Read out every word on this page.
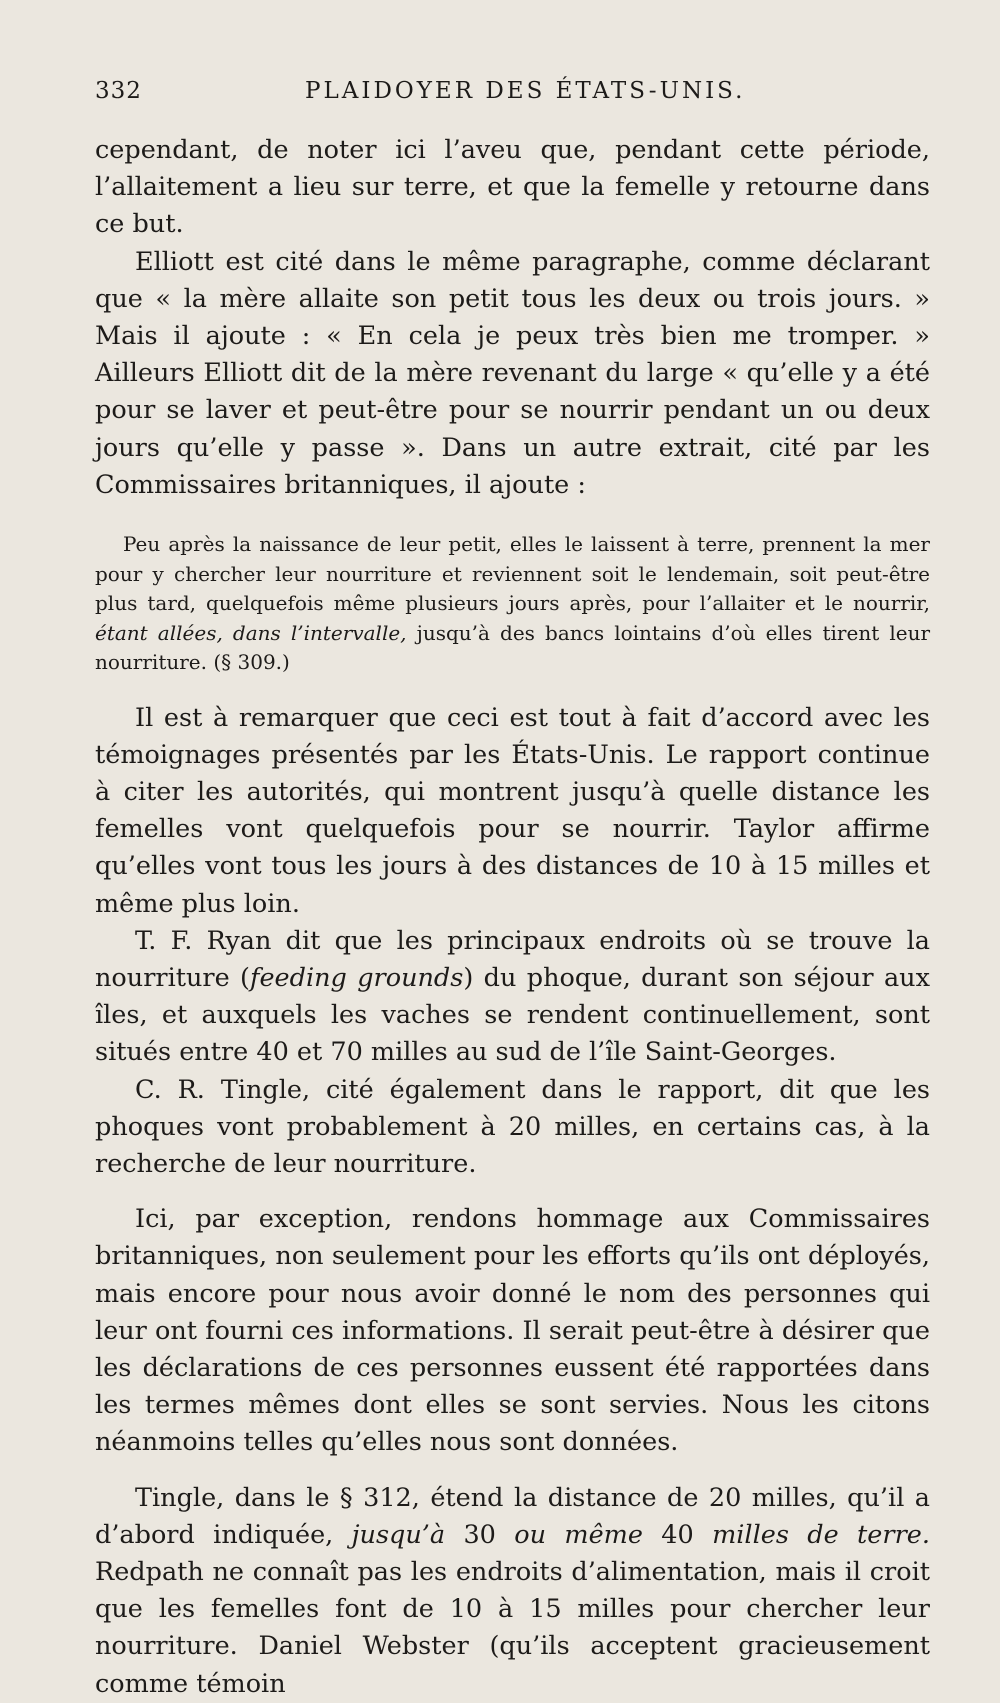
332	PLAIDOYER DES ÉTATS-UNIS.

cependant, de noter ici l’aveu que, pendant cette période, l’allaitement a lieu sur terre, et que la femelle y retourne dans ce but.

Elliott est cité dans le même paragraphe, comme déclarant que « la mère allaite son petit tous les deux ou trois jours. » Mais il ajoute : « En cela je peux très bien me tromper. » Ailleurs Elliott dit de la mère revenant du large « qu’elle y a été pour se laver et peut-être pour se nourrir pendant un ou deux jours qu’elle y passe ». Dans un autre extrait, cité par les Commissaires britanniques, il ajoute :

Peu après la naissance de leur petit, elles le laissent à terre, prennent la mer pour y chercher leur nourriture et reviennent soit le lendemain, soit peut-être plus tard, quelquefois même plusieurs jours après, pour l’allaiter et le nourrir, étant allées, dans l’intervalle, jusqu’à des bancs lointains d’où elles tirent leur nourriture. (§ 309.)

Il est à remarquer que ceci est tout à fait d’accord avec les témoignages présentés par les États-Unis. Le rapport continue à citer les autorités, qui montrent jusqu’à quelle distance les femelles vont quelquefois pour se nourrir. Taylor affirme qu’elles vont tous les jours à des distances de 10 à 15 milles et même plus loin.

T. F. Ryan dit que les principaux endroits où se trouve la nourriture (feeding grounds) du phoque, durant son séjour aux îles, et auxquels les vaches se rendent continuellement, sont situés entre 40 et 70 milles au sud de l’île Saint-Georges.

C. R. Tingle, cité également dans le rapport, dit que les phoques vont probablement à 20 milles, en certains cas, à la recherche de leur nourriture.

Ici, par exception, rendons hommage aux Commissaires britanniques, non seulement pour les efforts qu’ils ont déployés, mais encore pour nous avoir donné le nom des personnes qui leur ont fourni ces informations. Il serait peut-être à désirer que les déclarations de ces personnes eussent été rapportées dans les termes mêmes dont elles se sont servies. Nous les citons néanmoins telles qu’elles nous sont données.

Tingle, dans le § 312, étend la distance de 20 milles, qu’il a d’abord indiquée, jusqu’à 30 ou même 40 milles de terre. Redpath ne connaît pas les endroits d’alimentation, mais il croit que les femelles font de 10 à 15 milles pour chercher leur nourriture. Daniel Webster (qu’ils acceptent gracieusement comme témoin
